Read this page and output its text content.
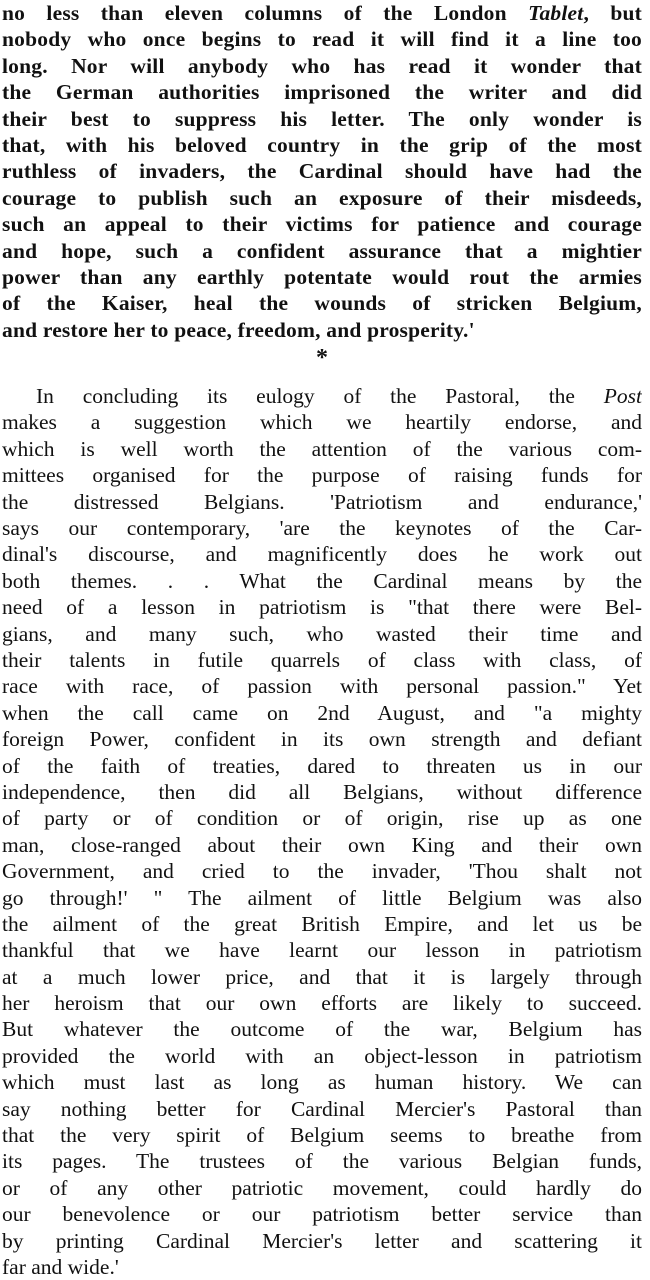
no less than eleven columns of the London Tablet, but
nobody who once begins to read it will find it a line too
long. Nor will anybody who has read it wonder that
the German authorities imprisoned the writer and did
their best to suppress his letter. The only wonder is
that, with his beloved country in the grip of the most
ruthless of invaders, the Cardinal should have had the
courage to publish such an exposure of their misdeeds,
such an appeal to their victims for patience and courage
and hope, such a confident assurance that a mightier
power than any earthly potentate would rout the armies
of the Kaiser, heal the wounds of stricken Belgium,
and restore her to peace, freedom, and prosperity.'
*
In concluding its eulogy of the Pastoral, the Post
makes a suggestion which we heartily endorse, and
which is well worth the attention of the various com-
mittees organised for the purpose of raising funds for
the distressed Belgians. 'Patriotism and endurance,'
says our contemporary, 'are the keynotes of the Car-
dinal's discourse, and magnificently does he work out
both themes. . . What the Cardinal means by the
need of a lesson in patriotism is "that there were Bel-
gians, and many such, who wasted their time and
their talents in futile quarrels of class with class, of
race with race, of passion with personal passion." Yet
when the call came on 2nd August, and "a mighty
foreign Power, confident in its own strength and defiant
of the faith of treaties, dared to threaten us in our
independence, then did all Belgians, without difference
of party or of condition or of origin, rise up as one
man, close-ranged about their own King and their own
Government, and cried to the invader, 'Thou shalt not
go through!' " The ailment of little Belgium was also
the ailment of the great British Empire, and let us be
thankful that we have learnt our lesson in patriotism
at a much lower price, and that it is largely through
her heroism that our own efforts are likely to succeed.
But whatever the outcome of the war, Belgium has
provided the world with an object-lesson in patriotism
which must last as long as human history. We can
say nothing better for Cardinal Mercier's Pastoral than
that the very spirit of Belgium seems to breathe from
its pages. The trustees of the various Belgian funds,
or of any other patriotic movement, could hardly do
our benevolence or our patriotism better service than
by printing Cardinal Mercier's letter and scattering it
far and wide.'
